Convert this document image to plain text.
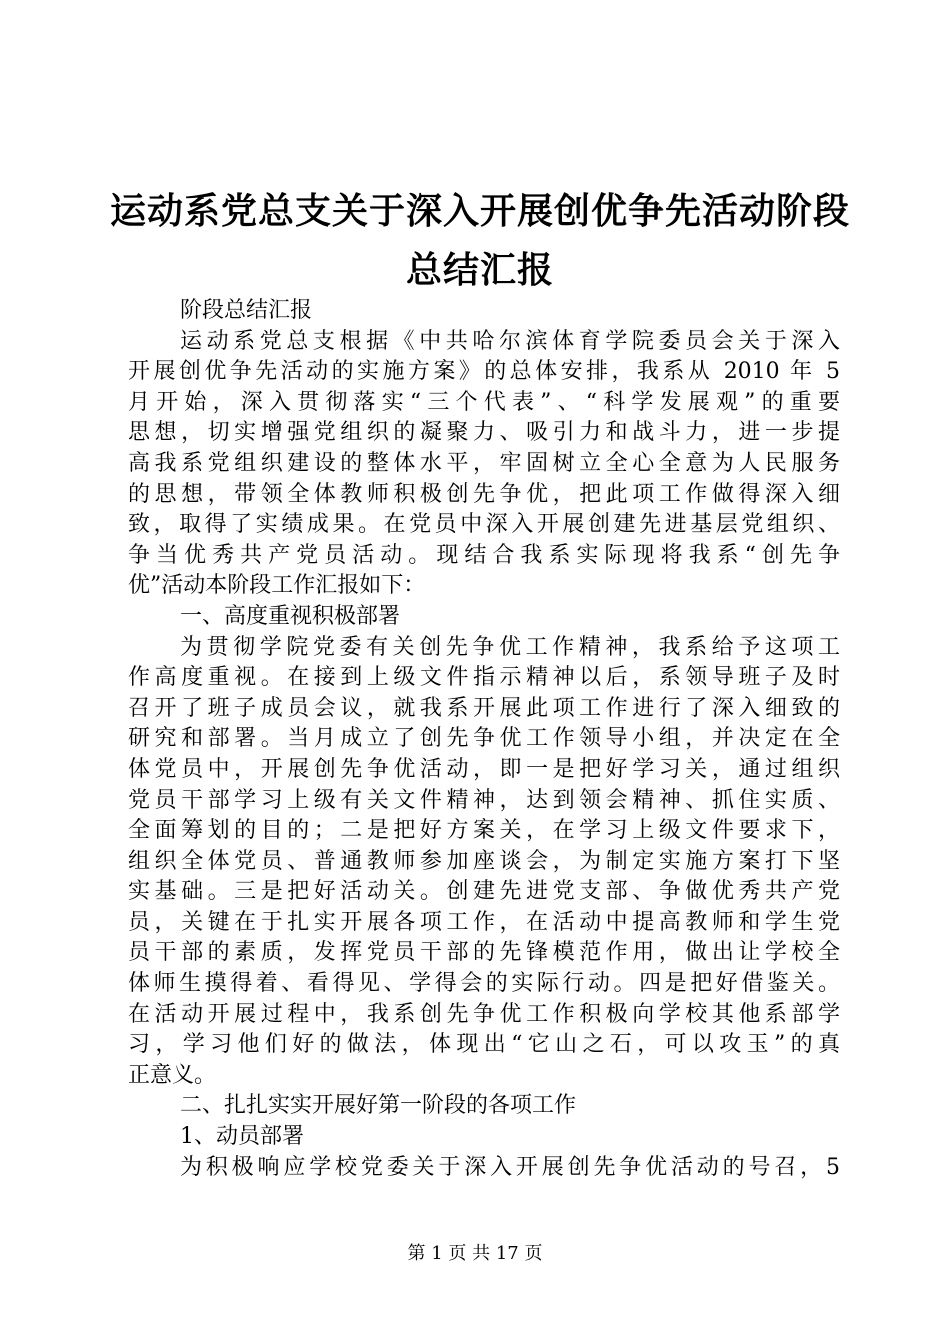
运动系党总支关于深入开展创优争先活动阶段
总结汇报
阶段总结汇报
运动系党总支根据《中共哈尔滨体育学院委员会关于深入
开展创优争先活动的实施方案》的总体安排，我系从 2010 年 5
月开始，深入贯彻落实“三个代表”、“科学发展观”的重要
思想，切实增强党组织的凝聚力、吸引力和战斗力，进一步提
高我系党组织建设的整体水平，牢固树立全心全意为人民服务
的思想，带领全体教师积极创先争优，把此项工作做得深入细
致，取得了实绩成果。在党员中深入开展创建先进基层党组织、
争当优秀共产党员活动。现结合我系实际现将我系“创先争
优”活动本阶段工作汇报如下：
一、高度重视积极部署
为贯彻学院党委有关创先争优工作精神，我系给予这项工
作高度重视。在接到上级文件指示精神以后，系领导班子及时
召开了班子成员会议，就我系开展此项工作进行了深入细致的
研究和部署。当月成立了创先争优工作领导小组，并决定在全
体党员中，开展创先争优活动，即一是把好学习关，通过组织
党员干部学习上级有关文件精神，达到领会精神、抓住实质、
全面筹划的目的；二是把好方案关，在学习上级文件要求下，
组织全体党员、普通教师参加座谈会，为制定实施方案打下坚
实基础。三是把好活动关。创建先进党支部、争做优秀共产党
员，关键在于扎实开展各项工作，在活动中提高教师和学生党
员干部的素质，发挥党员干部的先锋模范作用，做出让学校全
体师生摸得着、看得见、学得会的实际行动。四是把好借鉴关。
在活动开展过程中，我系创先争优工作积极向学校其他系部学
习，学习他们好的做法，体现出“它山之石，可以攻玉”的真
正意义。
二、扎扎实实开展好第一阶段的各项工作
1、动员部署
为积极响应学校党委关于深入开展创先争优活动的号召，5
第 1 页 共 17 页
